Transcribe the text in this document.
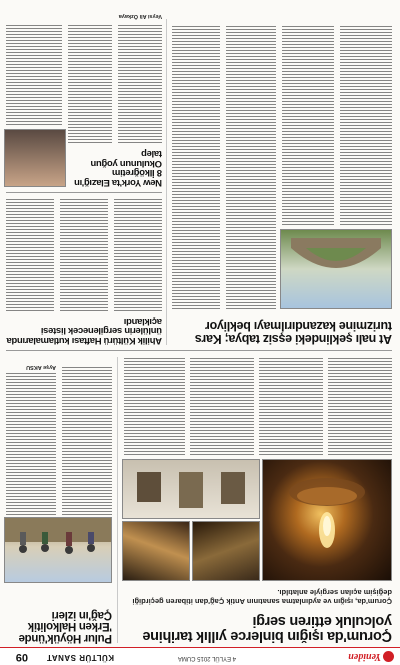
Yeniden
4 EYLÜL 2015 CUMA
KÜLTÜR SANAT
09
Çorum'da ışığın binlerce yıllık tarihine yolculuk ettiren sergi
Çorum'da, ışığın ve aydınlatma sanatının Antik Çağ'dan itibaren geçirdiği değişim açılan sergiyle anlatıldı.
Pulur Höyük'ünde 'Erken Halkolitik Çağ'ın izleri
Ayşe AKSU
At nalı şeklindeki eşsiz tabya; Kars turizmine kazandırılmayı bekliyor
Ahilik Kültürü Haftası kutlamalarında ünlülerin sergilenecek listesi açıklandı
New York'ta Elazığ'ın 8 İlköğretim Okulunun yoğun talep
Veysi Ali Özkaya
